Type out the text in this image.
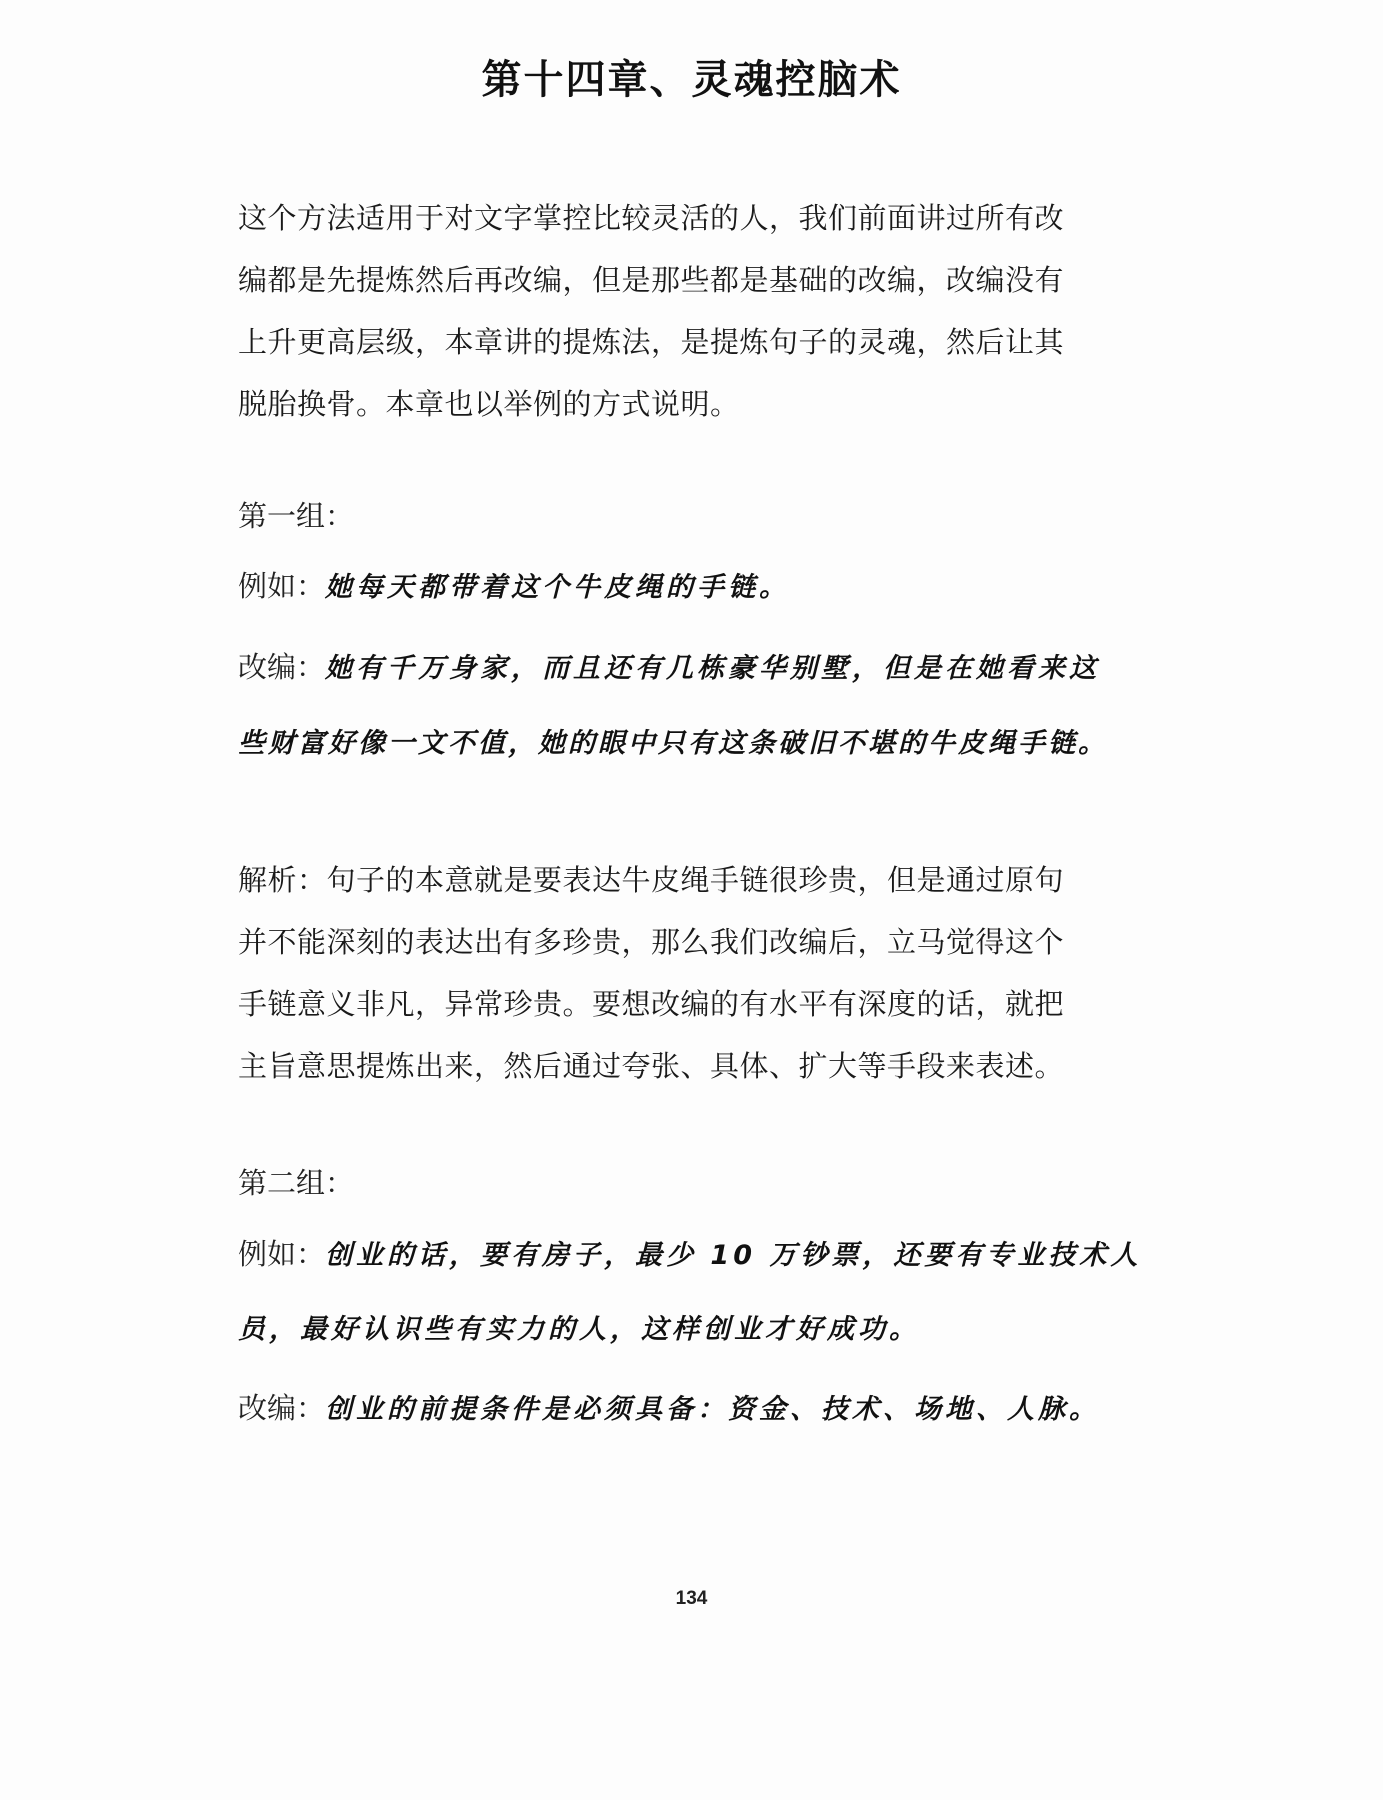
第十四章、灵魂控脑术
这个方法适用于对文字掌控比较灵活的人，我们前面讲过所有改
编都是先提炼然后再改编，但是那些都是基础的改编，改编没有
上升更高层级，本章讲的提炼法，是提炼句子的灵魂，然后让其
脱胎换骨。本章也以举例的方式说明。
第一组：
例如：她每天都带着这个牛皮绳的手链。
改编：她有千万身家，而且还有几栋豪华别墅，但是在她看来这
些财富好像一文不值，她的眼中只有这条破旧不堪的牛皮绳手链。
解析：句子的本意就是要表达牛皮绳手链很珍贵，但是通过原句
并不能深刻的表达出有多珍贵，那么我们改编后，立马觉得这个
手链意义非凡，异常珍贵。要想改编的有水平有深度的话，就把
主旨意思提炼出来，然后通过夸张、具体、扩大等手段来表述。
第二组：
例如：创业的话，要有房子，最少 10 万钞票，还要有专业技术人
员，最好认识些有实力的人，这样创业才好成功。
改编：创业的前提条件是必须具备：资金、技术、场地、人脉。
134
